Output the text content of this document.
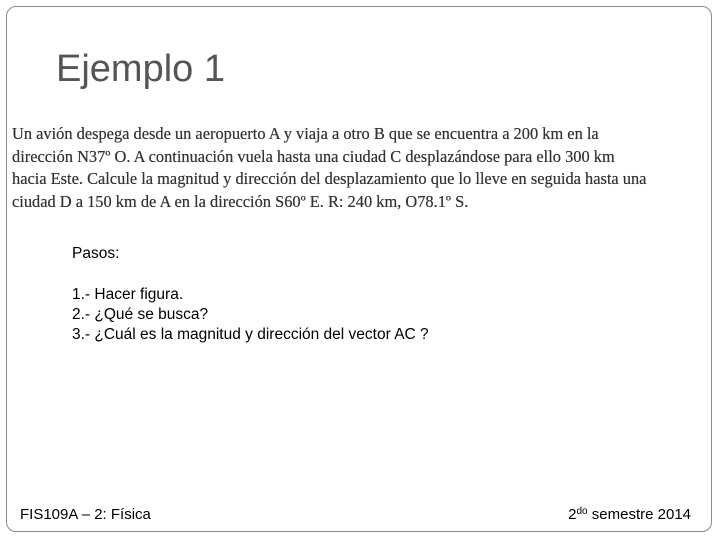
Ejemplo 1
Un avión despega desde un aeropuerto A y viaja a otro B que se encuentra a 200 km en la
dirección N37º O. A continuación vuela hasta una ciudad C desplazándose para ello 300 km
hacia Este. Calcule la magnitud y dirección del desplazamiento que lo lleve en seguida hasta una
ciudad D a 150 km de A en la dirección S60º E. R: 240 km, O78.1º S.
Pasos:
1.- Hacer figura.
2.- ¿Qué se busca?
3.- ¿Cuál es la magnitud y dirección del vector AC ?
FIS109A – 2: Física	$2^{do}$ semestre 2014
